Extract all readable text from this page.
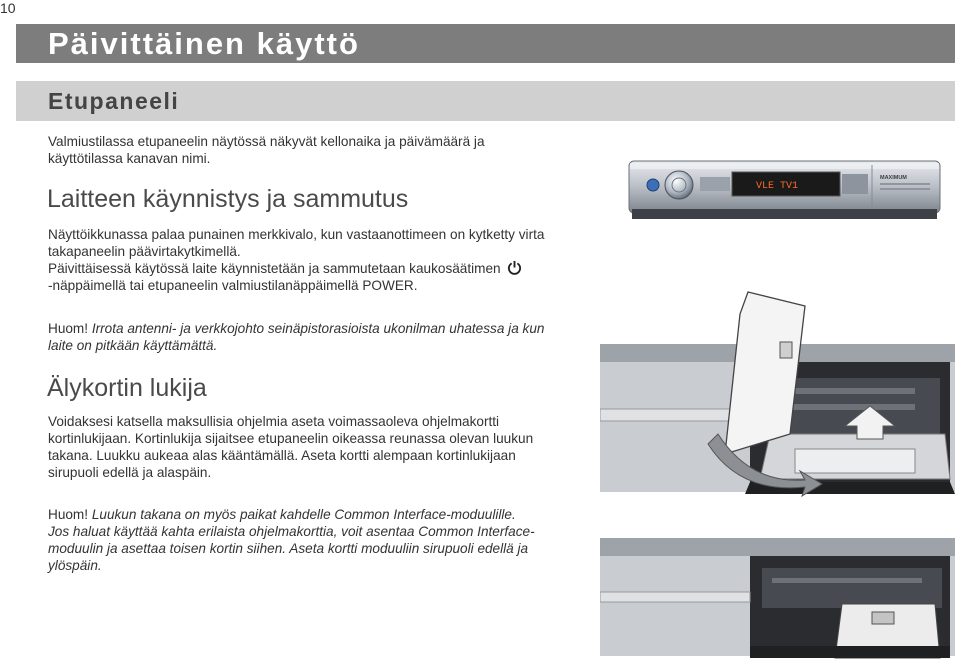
10
Päivittäinen käyttö
Etupaneeli
Valmiustilassa etupaneelin näytössä näkyvät kellonaika ja päivämäärä ja
käyttötilassa kanavan nimi.
Laitteen käynnistys ja sammutus
Näyttöikkunassa palaa punainen merkkivalo, kun vastaanottimeen on kytketty virta
takapaneelin päävirtakytkimellä.
Päivittäisessä käytössä laite käynnistetään ja sammutetaan kaukosäätimen
-näppäimellä tai etupaneelin valmiustilanäppäimellä POWER.
Huom! Irrota antenni- ja verkkojohto seinäpistorasioista ukonilman uhatessa ja kun
laite on pitkään käyttämättä.
Älykortin lukija
Voidaksesi katsella maksullisia ohjelmia aseta voimassaoleva ohjelmakortti
kortinlukijaan. Kortinlukija sijaitsee etupaneelin oikeassa reunassa olevan luukun
takana. Luukku aukeaa alas kääntämällä. Aseta kortti alempaan kortinlukijaan
sirupuoli edellä ja alaspäin.
Huom! Luukun takana on myös paikat kahdelle Common Interface-moduulille.
Jos haluat käyttää kahta erilaista ohjelmakorttia, voit asentaa Common Interface-
moduulin ja asettaa toisen kortin siihen. Aseta kortti moduuliin sirupuoli edellä ja
ylöspäin.
VLE TV1
MAXIMUM
